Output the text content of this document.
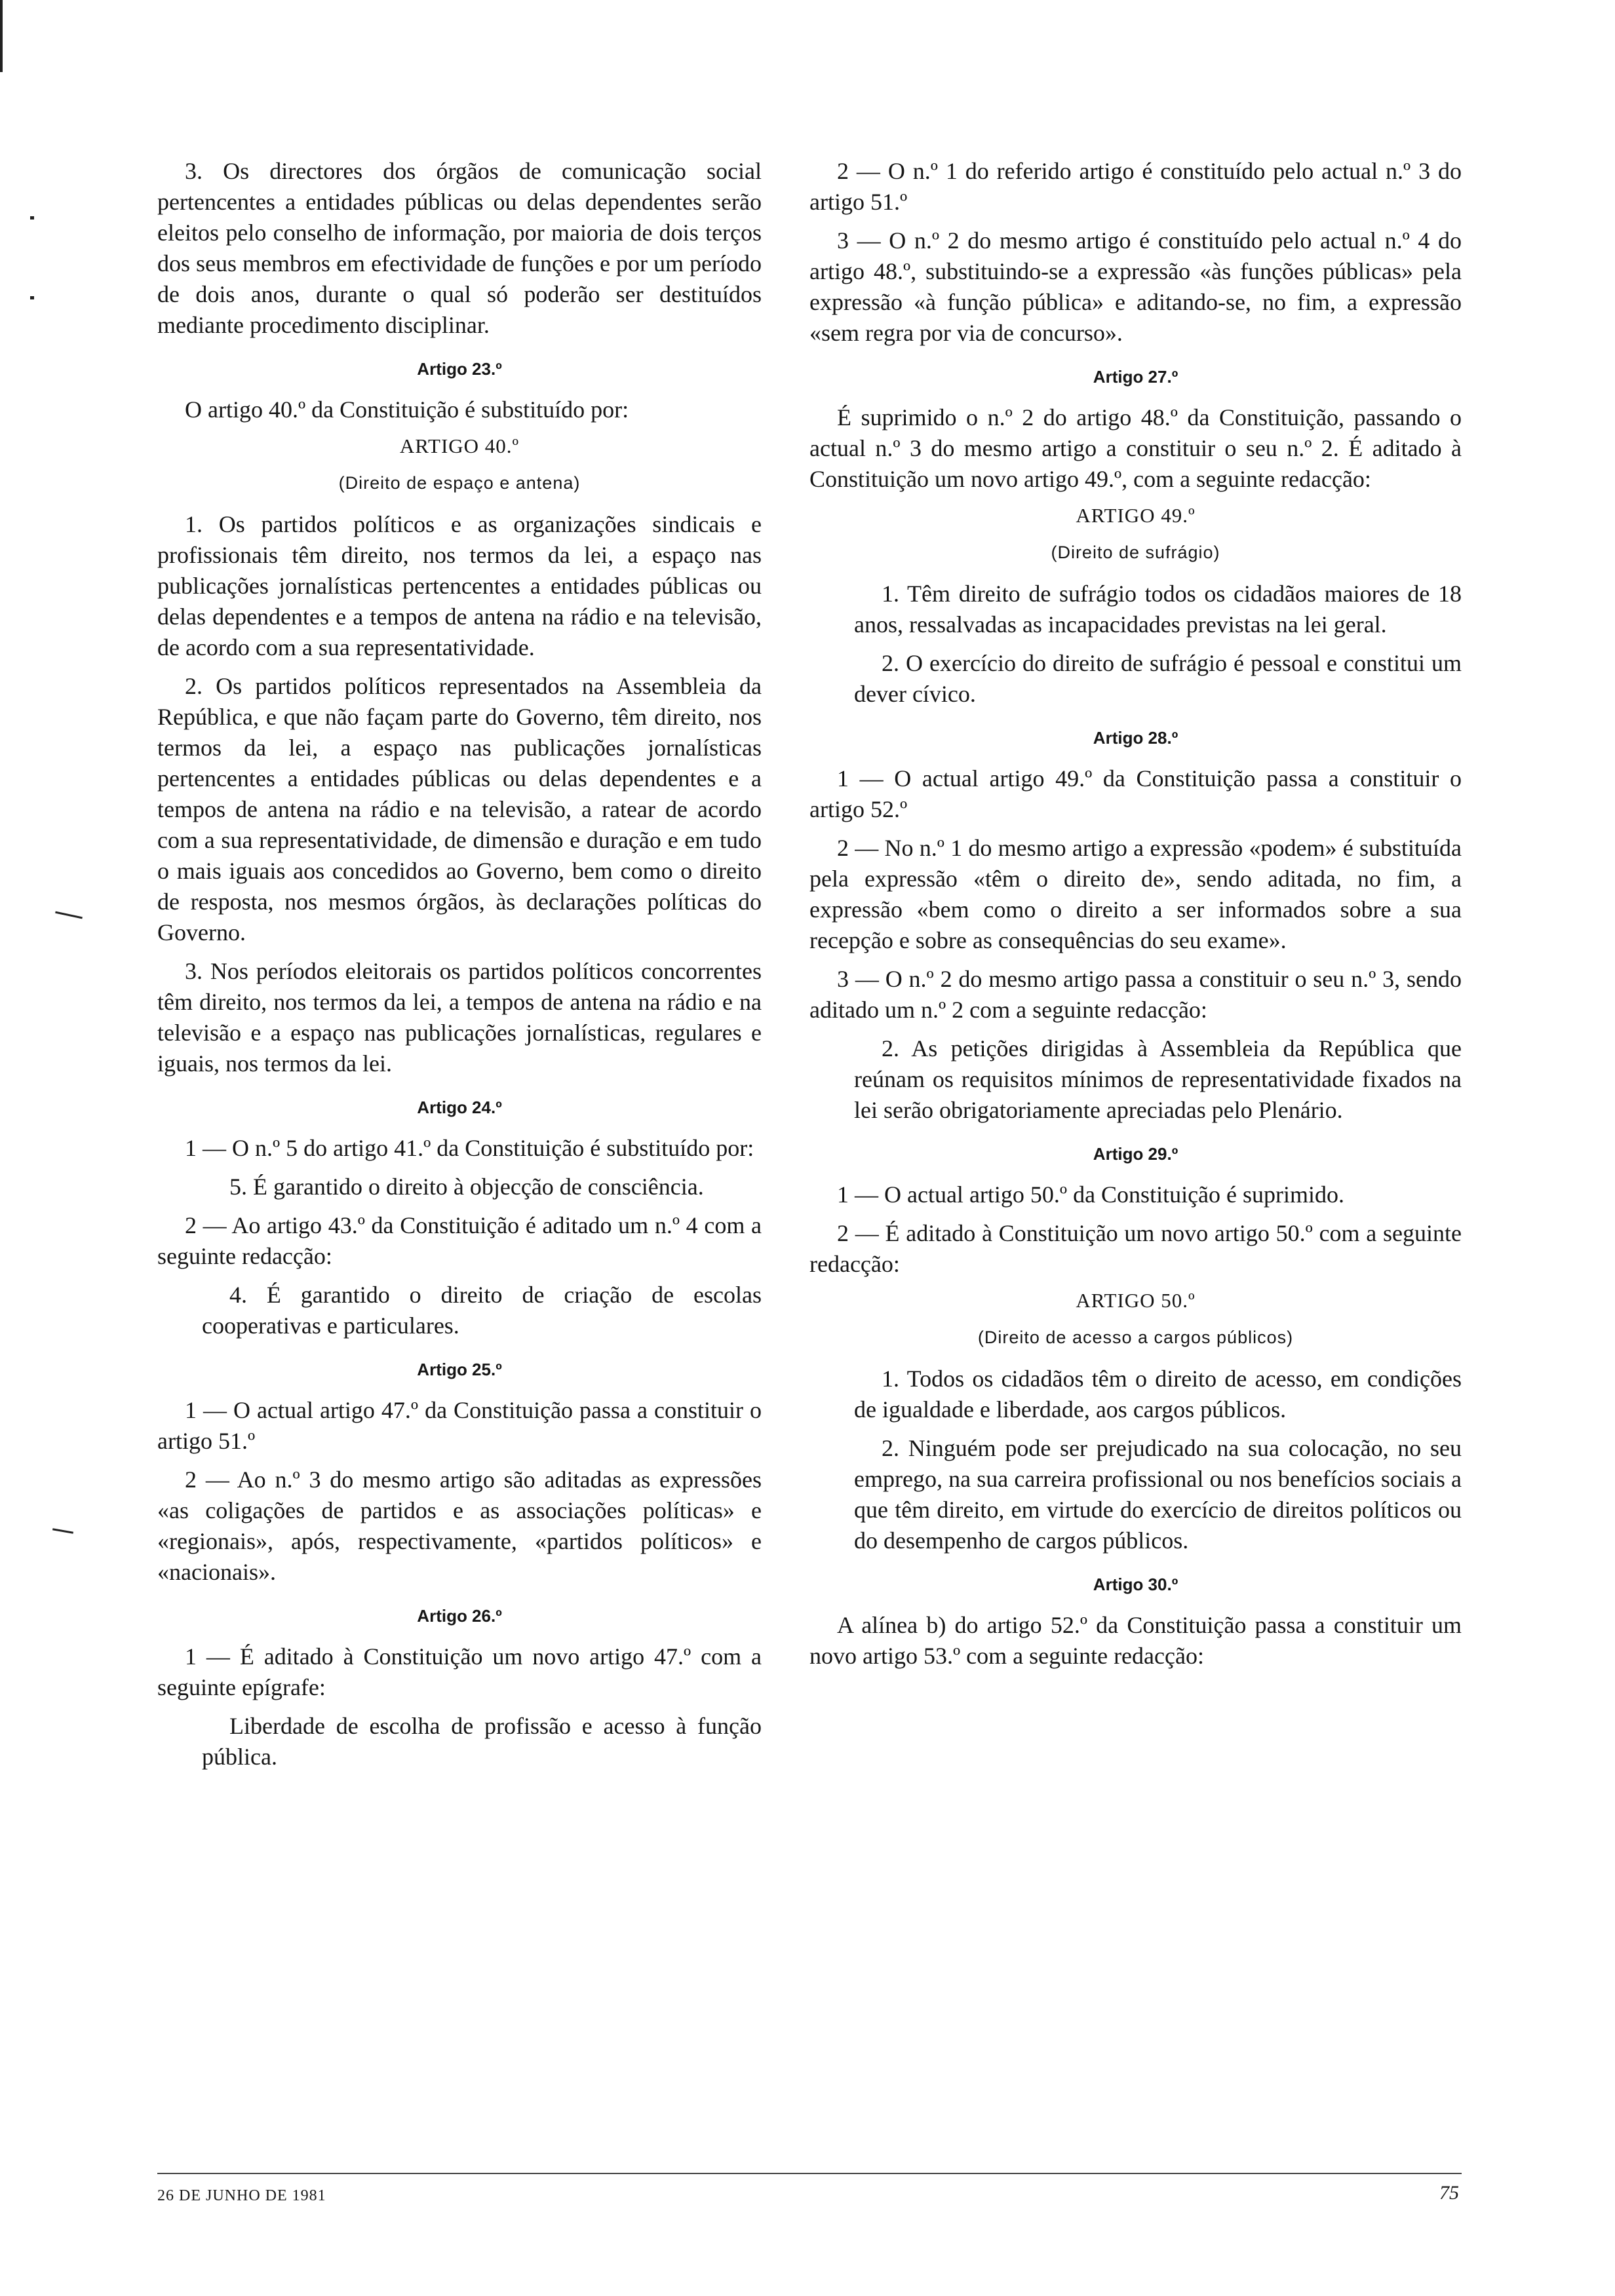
3. Os directores dos órgãos de comunicação social pertencentes a entidades públicas ou delas dependentes serão eleitos pelo conselho de informação, por maioria de dois terços dos seus membros em efectividade de funções e por um período de dois anos, durante o qual só poderão ser destituídos mediante procedimento disciplinar.

Artigo 23.º

O artigo 40.º da Constituição é substituído por:

ARTIGO 40.º

(Direito de espaço e antena)

1. Os partidos políticos e as organizações sindicais e profissionais têm direito, nos termos da lei, a espaço nas publicações jornalísticas pertencentes a entidades públicas ou delas dependentes e a tempos de antena na rádio e na televisão, de acordo com a sua representatividade.

2. Os partidos políticos representados na Assembleia da República, e que não façam parte do Governo, têm direito, nos termos da lei, a espaço nas publicações jornalísticas pertencentes a entidades públicas ou delas dependentes e a tempos de antena na rádio e na televisão, a ratear de acordo com a sua representatividade, de dimensão e duração e em tudo o mais iguais aos concedidos ao Governo, bem como o direito de resposta, nos mesmos órgãos, às declarações políticas do Governo.

3. Nos períodos eleitorais os partidos políticos concorrentes têm direito, nos termos da lei, a tempos de antena na rádio e na televisão e a espaço nas publicações jornalísticas, regulares e iguais, nos termos da lei.

Artigo 24.º

1 — O n.º 5 do artigo 41.º da Constituição é substituído por:

5. É garantido o direito à objecção de consciência.

2 — Ao artigo 43.º da Constituição é aditado um n.º 4 com a seguinte redacção:

4. É garantido o direito de criação de escolas cooperativas e particulares.

Artigo 25.º

1 — O actual artigo 47.º da Constituição passa a constituir o artigo 51.º

2 — Ao n.º 3 do mesmo artigo são aditadas as expressões «as coligações de partidos e as associações políticas» e «regionais», após, respectivamente, «partidos políticos» e «nacionais».

Artigo 26.º

1 — É aditado à Constituição um novo artigo 47.º com a seguinte epígrafe:

Liberdade de escolha de profissão e acesso à função pública.

2 — O n.º 1 do referido artigo é constituído pelo actual n.º 3 do artigo 51.º

3 — O n.º 2 do mesmo artigo é constituído pelo actual n.º 4 do artigo 48.º, substituindo-se a expressão «às funções públicas» pela expressão «à função pública» e aditando-se, no fim, a expressão «sem regra por via de concurso».

Artigo 27.º

É suprimido o n.º 2 do artigo 48.º da Constituição, passando o actual n.º 3 do mesmo artigo a constituir o seu n.º 2. É aditado à Constituição um novo artigo 49.º, com a seguinte redacção:

ARTIGO 49.º

(Direito de sufrágio)

1. Têm direito de sufrágio todos os cidadãos maiores de 18 anos, ressalvadas as incapacidades previstas na lei geral.

2. O exercício do direito de sufrágio é pessoal e constitui um dever cívico.

Artigo 28.º

1 — O actual artigo 49.º da Constituição passa a constituir o artigo 52.º

2 — No n.º 1 do mesmo artigo a expressão «podem» é substituída pela expressão «têm o direito de», sendo aditada, no fim, a expressão «bem como o direito a ser informados sobre a sua recepção e sobre as consequências do seu exame».

3 — O n.º 2 do mesmo artigo passa a constituir o seu n.º 3, sendo aditado um n.º 2 com a seguinte redacção:

2. As petições dirigidas à Assembleia da República que reúnam os requisitos mínimos de representatividade fixados na lei serão obrigatoriamente apreciadas pelo Plenário.

Artigo 29.º

1 — O actual artigo 50.º da Constituição é suprimido.

2 — É aditado à Constituição um novo artigo 50.º com a seguinte redacção:

ARTIGO 50.º

(Direito de acesso a cargos públicos)

1. Todos os cidadãos têm o direito de acesso, em condições de igualdade e liberdade, aos cargos públicos.

2. Ninguém pode ser prejudicado na sua colocação, no seu emprego, na sua carreira profissional ou nos benefícios sociais a que têm direito, em virtude do exercício de direitos políticos ou do desempenho de cargos públicos.

Artigo 30.º

A alínea b) do artigo 52.º da Constituição passa a constituir um novo artigo 53.º com a seguinte redacção:

26 DE JUNHO DE 1981	75
